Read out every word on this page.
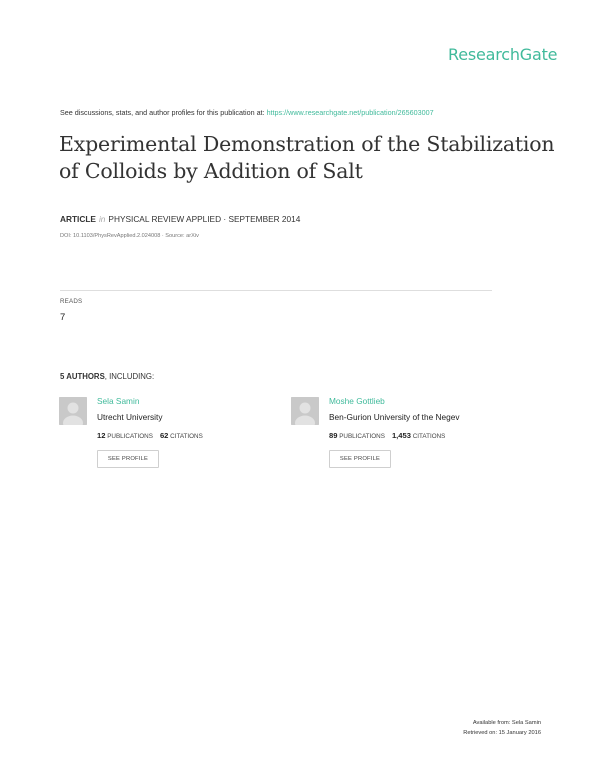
ResearchGate
See discussions, stats, and author profiles for this publication at: https://www.researchgate.net/publication/265603007
Experimental Demonstration of the Stabilization of Colloids by Addition of Salt
ARTICLE in PHYSICAL REVIEW APPLIED · SEPTEMBER 2014
DOI: 10.1103/PhysRevApplied.2.024008 · Source: arXiv
READS
7
5 AUTHORS, INCLUDING:
Sela Samin
Utrecht University
12 PUBLICATIONS 62 CITATIONS
SEE PROFILE
Moshe Gottlieb
Ben-Gurion University of the Negev
89 PUBLICATIONS 1,453 CITATIONS
SEE PROFILE
Available from: Sela Samin
Retrieved on: 15 January 2016
